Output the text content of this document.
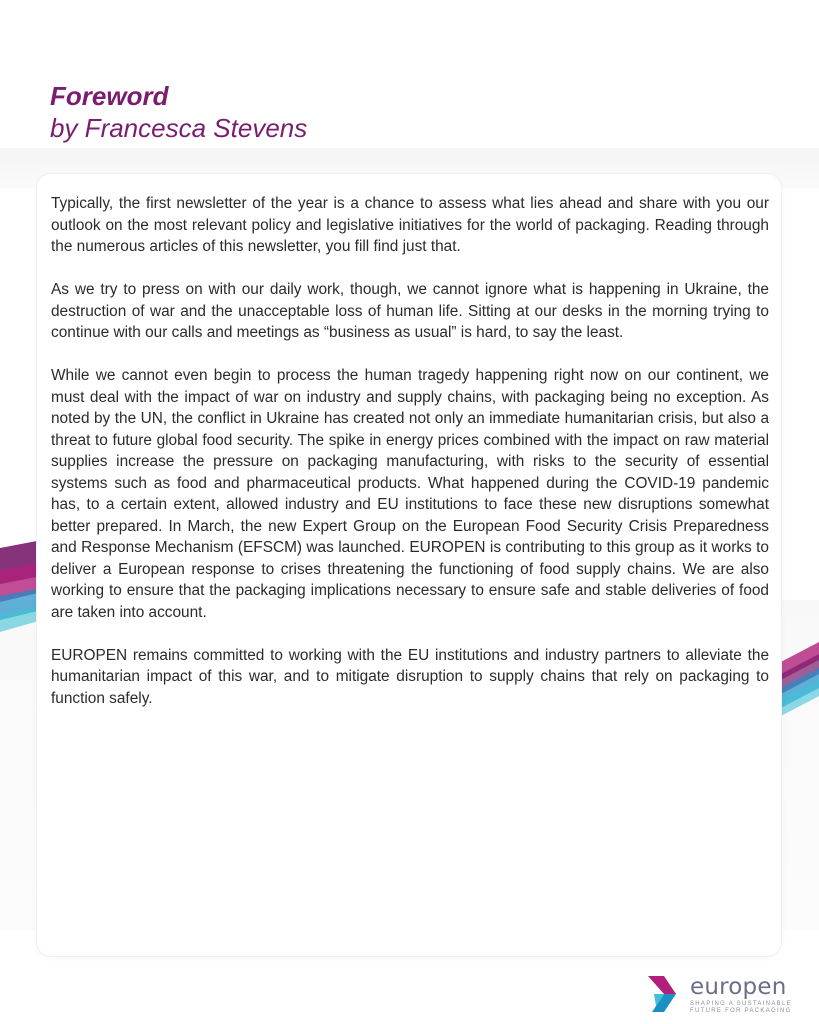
Foreword
by Francesca Stevens

Typically, the first newsletter of the year is a chance to assess what lies ahead and share with you our outlook on the most relevant policy and legislative initiatives for the world of packaging. Reading through the numerous articles of this newsletter, you fill find just that.

As we try to press on with our daily work, though, we cannot ignore what is happening in Ukraine, the destruction of war and the unacceptable loss of human life. Sitting at our desks in the morning trying to continue with our calls and meetings as “business as usual” is hard, to say the least.

While we cannot even begin to process the human tragedy happening right now on our continent, we must deal with the impact of war on industry and supply chains, with packaging being no exception. As noted by the UN, the conflict in Ukraine has created not only an immediate humanitarian crisis, but also a threat to future global food security. The spike in energy prices combined with the impact on raw material supplies increase the pressure on packaging manufacturing, with risks to the security of essential systems such as food and pharmaceutical products. What happened during the COVID-19 pandemic has, to a certain extent, allowed industry and EU institutions to face these new disruptions somewhat better prepared. In March, the new Expert Group on the European Food Security Crisis Preparedness and Response Mechanism (EFSCM) was launched. EUROPEN is contributing to this group as it works to deliver a European response to crises threatening the functioning of food supply chains. We are also working to ensure that the packaging implications necessary to ensure safe and stable deliveries of food are taken into account.

EUROPEN remains committed to working with the EU institutions and industry partners to alleviate the humanitarian impact of this war, and to mitigate disruption to supply chains that rely on packaging to function safely.

europen
SHAPING A SUSTAINABLE
FUTURE FOR PACKAGING
